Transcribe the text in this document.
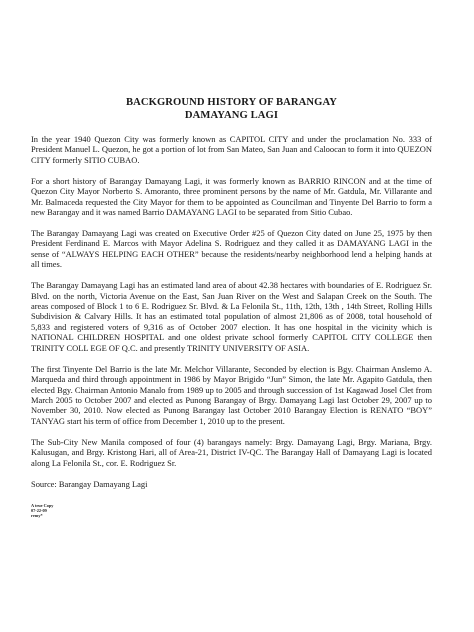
BACKGROUND HISTORY OF BARANGAY
DAMAYANG LAGI

In the year 1940 Quezon City was formerly known as CAPITOL CITY and under the proclamation No. 333 of President Manuel L. Quezon, he got a portion of lot from San Mateo, San Juan and Caloocan to form it into QUEZON CITY formerly SITIO CUBAO.

For a short history of Barangay Damayang Lagi, it was formerly known as BARRIO RINCON and at the time of Quezon City Mayor Norberto S. Amoranto, three prominent persons by the name of Mr. Gatdula, Mr. Villarante and Mr. Balmaceda requested the City Mayor for them to be appointed as Councilman and Tinyente Del Barrio to form a new Barangay and it was named Barrio DAMAYANG LAGI to be separated from Sitio Cubao.

The Barangay Damayang Lagi was created on Executive Order #25 of Quezon City dated on June 25, 1975 by then President Ferdinand E. Marcos with Mayor Adelina S. Rodriguez and they called it as DAMAYANG LAGI in the sense of “ALWAYS HELPING EACH OTHER” because the residents/nearby neighborhood lend a helping hands at all times.

The Barangay Damayang Lagi has an estimated land area of about 42.38 hectares with boundaries of E. Rodriguez Sr. Blvd. on the north, Victoria Avenue on the East, San Juan River on the West and Salapan Creek on the South. The areas composed of Block 1 to 6 E. Rodriguez Sr. Blvd. & La Felonila St., 11th, 12th, 13th , 14th Street, Rolling Hills Subdivision & Calvary Hills. It has an estimated total population of almost 21,806 as of 2008, total household of 5,833 and registered voters of 9,316 as of October 2007 election. It has one hospital in the vicinity which is NATIONAL CHILDREN HOSPITAL and one oldest private school formerly CAPITOL CITY COLLEGE then TRINITY COLL EGE OF Q.C. and presently TRINITY UNIVERSITY OF ASIA.

The first Tinyente Del Barrio is the late Mr. Melchor Villarante, Seconded by election is Bgy. Chairman Anslemo A. Marqueda and third through appointment in 1986 by Mayor Brigido “Jun” Simon, the late Mr. Agapito Gatdula, then elected Bgy. Chairman Antonio Manalo from 1989 up to 2005 and through succession of 1st Kagawad Josel Clet from March 2005 to October 2007 and elected as Punong Barangay of Brgy. Damayang Lagi last October 29, 2007 up to November 30, 2010. Now elected as Punong Barangay last October 2010 Barangay Election is RENATO “BOY” TANYAG start his term of office from December 1, 2010 up to the present.

The Sub-City New Manila composed of four (4) barangays namely: Brgy. Damayang Lagi, Brgy. Mariana, Brgy. Kalusugan, and Brgy. Kristong Hari, all of Area-21, District IV-QC. The Barangay Hall of Damayang Lagi is located along La Felonila St., cor. E. Rodriguez Sr.

Source: Barangay Damayang Lagi

A true Copy
07-22-09
remy*
